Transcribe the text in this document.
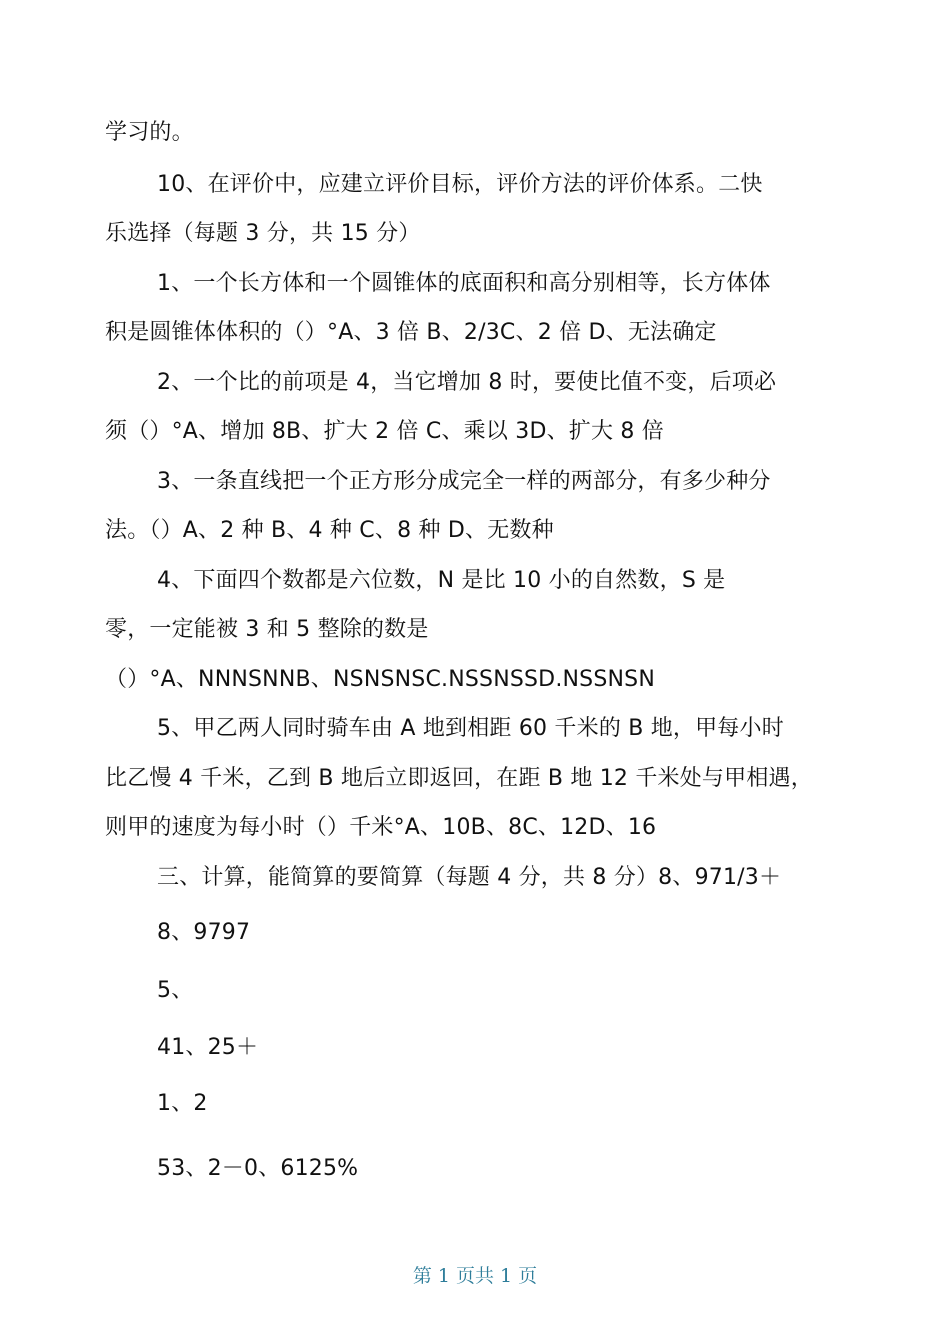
学习的。
10、在评价中，应建立评价目标，评价方法的评价体系。二快
乐选择（每题 3 分，共 15 分）
1、一个长方体和一个圆锥体的底面积和高分别相等，长方体体
积是圆锥体体积的（）°A、3 倍 B、2/3C、2 倍 D、无法确定
2、一个比的前项是 4，当它增加 8 时，要使比值不变，后项必
须（）°A、增加 8B、扩大 2 倍 C、乘以 3D、扩大 8 倍
3、一条直线把一个正方形分成完全一样的两部分，有多少种分
法。（）A、2 种 B、4 种 C、8 种 D、无数种
4、下面四个数都是六位数，N 是比 10 小的自然数，S 是
零，一定能被 3 和 5 整除的数是
（）°A、NNNSNNB、NSNSNSC.NSSNSSD.NSSNSN
5、甲乙两人同时骑车由 A 地到相距 60 千米的 B 地，甲每小时
比乙慢 4 千米，乙到 B 地后立即返回，在距 B 地 12 千米处与甲相遇，
则甲的速度为每小时（）千米°A、10B、8C、12D、16
三、计算，能简算的要简算（每题 4 分，共 8 分）8、971/3＋
8、9797
5、
41、25＋
1、2
53、2－0、6125%
第 1 页共 1 页
